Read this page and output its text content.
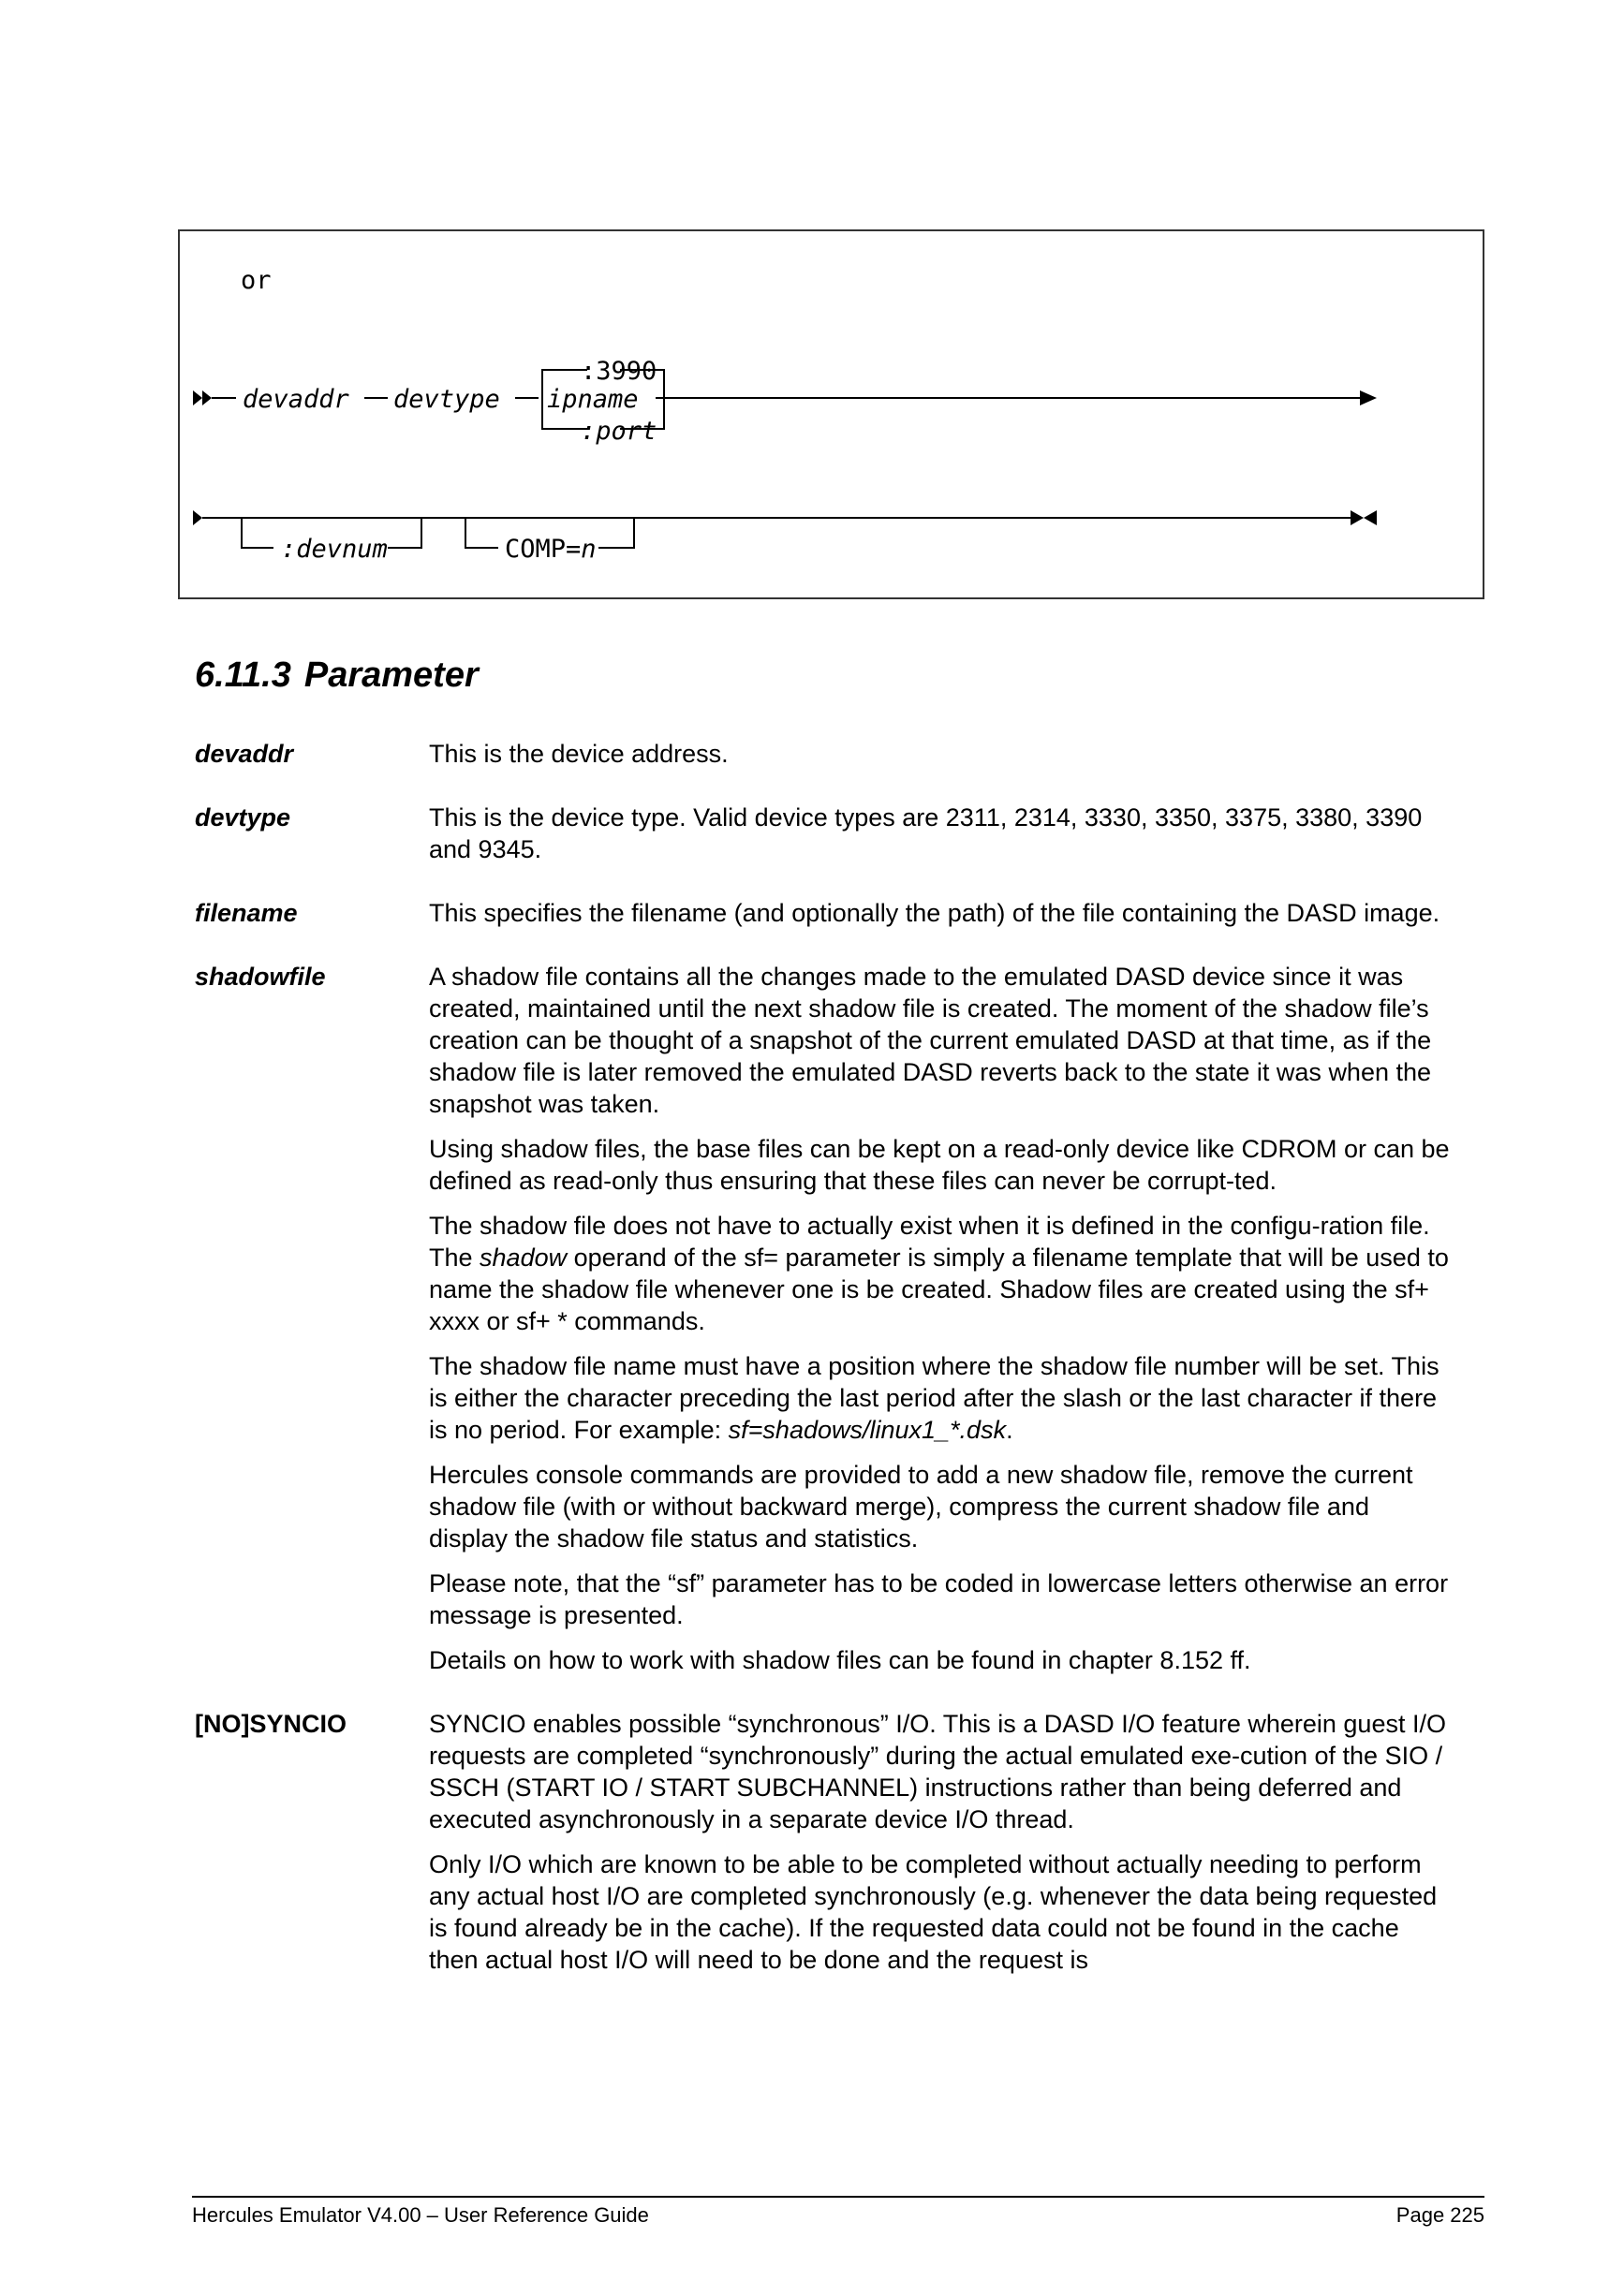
or
devaddr devtype ipname
:3990
:port
:devnum	COMP=n
6.11.3 Parameter
devaddr	This is the device address.

devtype	This is the device type. Valid device types are 2311, 2314, 3330, 3350, 3375, 3380, 3390 and 9345.

filename	This specifies the filename (and optionally the path) of the file containing the DASD image.

shadowfile	A shadow file contains all the changes made to the emulated DASD device since it was created, maintained until the next shadow file is created. The moment of the shadow file’s creation can be thought of a snapshot of the current emulated DASD at that time, as if the shadow file is later removed the emulated DASD reverts back to the state it was when the snapshot was taken.

Using shadow files, the base files can be kept on a read-only device like CDROM or can be defined as read-only thus ensuring that these files can never be corrupt-ted.

The shadow file does not have to actually exist when it is defined in the configu-ration file. The shadow operand of the sf= parameter is simply a filename template that will be used to name the shadow file whenever one is be created. Shadow files are created using the sf+ xxxx or sf+ * commands.

The shadow file name must have a position where the shadow file number will be set. This is either the character preceding the last period after the slash or the last character if there is no period. For example: sf=shadows/linux1_*.dsk.

Hercules console commands are provided to add a new shadow file, remove the current shadow file (with or without backward merge), compress the current shadow file and display the shadow file status and statistics.

Please note, that the “sf” parameter has to be coded in lowercase letters otherwise an error message is presented.

Details on how to work with shadow files can be found in chapter 8.152 ff.

[NO]SYNCIO	SYNCIO enables possible “synchronous” I/O. This is a DASD I/O feature wherein guest I/O requests are completed “synchronously” during the actual emulated exe-cution of the SIO / SSCH (START IO / START SUBCHANNEL) instructions rather than being deferred and executed asynchronously in a separate device I/O thread.

Only I/O which are known to be able to be completed without actually needing to perform any actual host I/O are completed synchronously (e.g. whenever the data being requested is found already be in the cache). If the requested data could not be found in the cache then actual host I/O will need to be done and the request is

Hercules Emulator V4.00 – User Reference Guide	Page 225
